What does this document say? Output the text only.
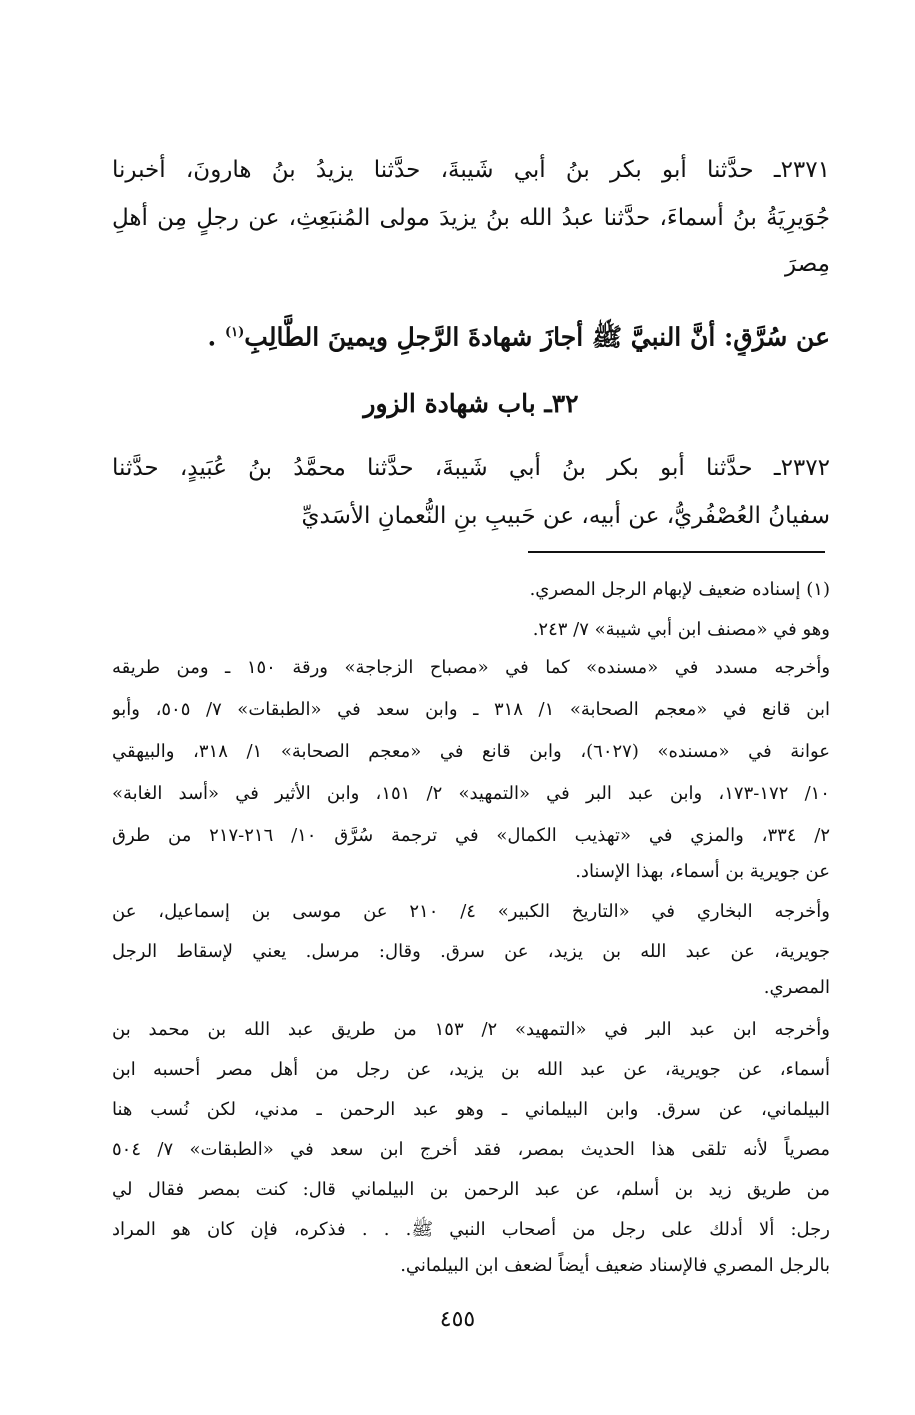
٢٣٧١ـ حدَّثنا أبو بكر بنُ أبي شَيبةَ، حدَّثنا يزيدُ بنُ هارونَ، أخبرنا
جُوَيرِيَةُ بنُ أسماءَ، حدَّثنا عبدُ الله بنُ يزيدَ مولى المُنبَعِثِ، عن رجلٍ مِن أهلِ
مِصرَ
عن سُرَّقٍ: أنَّ النبيَّ ﷺ أجازَ شهادةَ الرَّجلِ ويمينَ الطَّالِبِ$^{(١)}$ .
٣٢ـ باب شهادة الزور
٢٣٧٢ـ حدَّثنا أبو بكر بنُ أبي شَيبةَ، حدَّثنا محمَّدُ بنُ عُبَيدٍ، حدَّثنا
سفيانُ العُصْفُريُّ، عن أبيه، عن حَبيبِ بنِ النُّعمانِ الأسَديِّ
(١) إسناده ضعيف لإبهام الرجل المصري.
وهو في «مصنف ابن أبي شيبة» ٧/ ٢٤٣.
وأخرجه مسدد في «مسنده» كما في «مصباح الزجاجة» ورقة ١٥٠ ـ ومن طريقه
ابن قانع في «معجم الصحابة» ١/ ٣١٨ ـ وابن سعد في «الطبقات» ٧/ ٥٠٥، وأبو
عوانة في «مسنده» (٦٠٢٧)، وابن قانع في «معجم الصحابة» ١/ ٣١٨، والبيهقي
١٠/ ١٧٢-١٧٣، وابن عبد البر في «التمهيد» ٢/ ١٥١، وابن الأثير في «أسد الغابة»
٢/ ٣٣٤، والمزي في «تهذيب الكمال» في ترجمة سُرَّق ١٠/ ٢١٦-٢١٧ من طرق
عن جويرية بن أسماء، بهذا الإسناد.
وأخرجه البخاري في «التاريخ الكبير» ٤/ ٢١٠ عن موسى بن إسماعيل، عن
جويرية، عن عبد الله بن يزيد، عن سرق. وقال: مرسل. يعني لإسقاط الرجل
المصري.
وأخرجه ابن عبد البر في «التمهيد» ٢/ ١٥٣ من طريق عبد الله بن محمد بن
أسماء، عن جويرية، عن عبد الله بن يزيد، عن رجل من أهل مصر أحسبه ابن
البيلماني، عن سرق. وابن البيلماني ـ وهو عبد الرحمن ـ مدني، لكن نُسب هنا
مصرياً لأنه تلقى هذا الحديث بمصر، فقد أخرج ابن سعد في «الطبقات» ٧/ ٥٠٤
من طريق زيد بن أسلم، عن عبد الرحمن بن البيلماني قال: كنت بمصر فقال لي
رجل: ألا أدلك على رجل من أصحاب النبي ﷺ. . . فذكره، فإن كان هو المراد
بالرجل المصري فالإسناد ضعيف أيضاً لضعف ابن البيلماني.
٤٥٥
